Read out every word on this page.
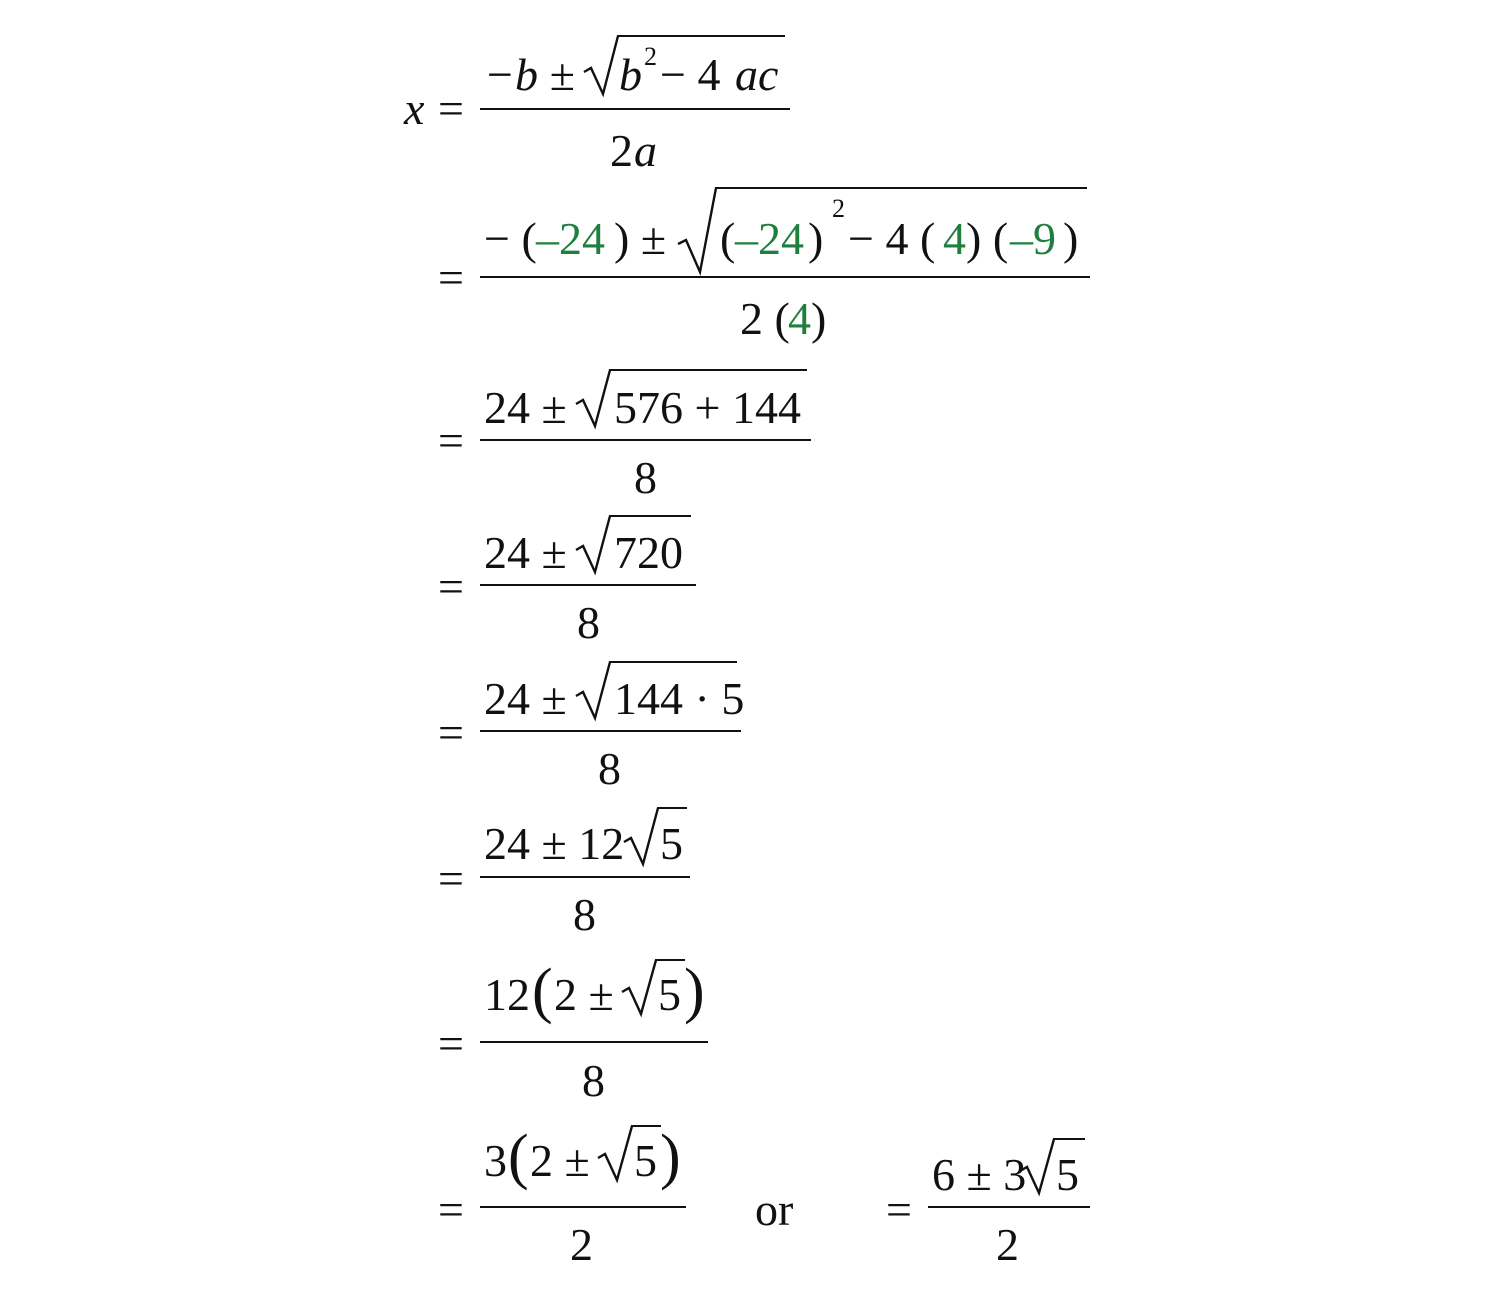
x =
−b ± b 2 − 4 ac
2 a
=
− ( –24 ) ± ( –24 )
2
− 4 ( 4 ) ( –9 )
2 (
4 )
=
24 ± 576 + 144
8
=
24 ± 720
8
=
24 ± 144 · 5
8
=
24 ± 12 5
8
=
12 ( 2 ± 5 )
8
=
3 ( 2 ± 5 )
2
or =
6 ± 3 5
2
